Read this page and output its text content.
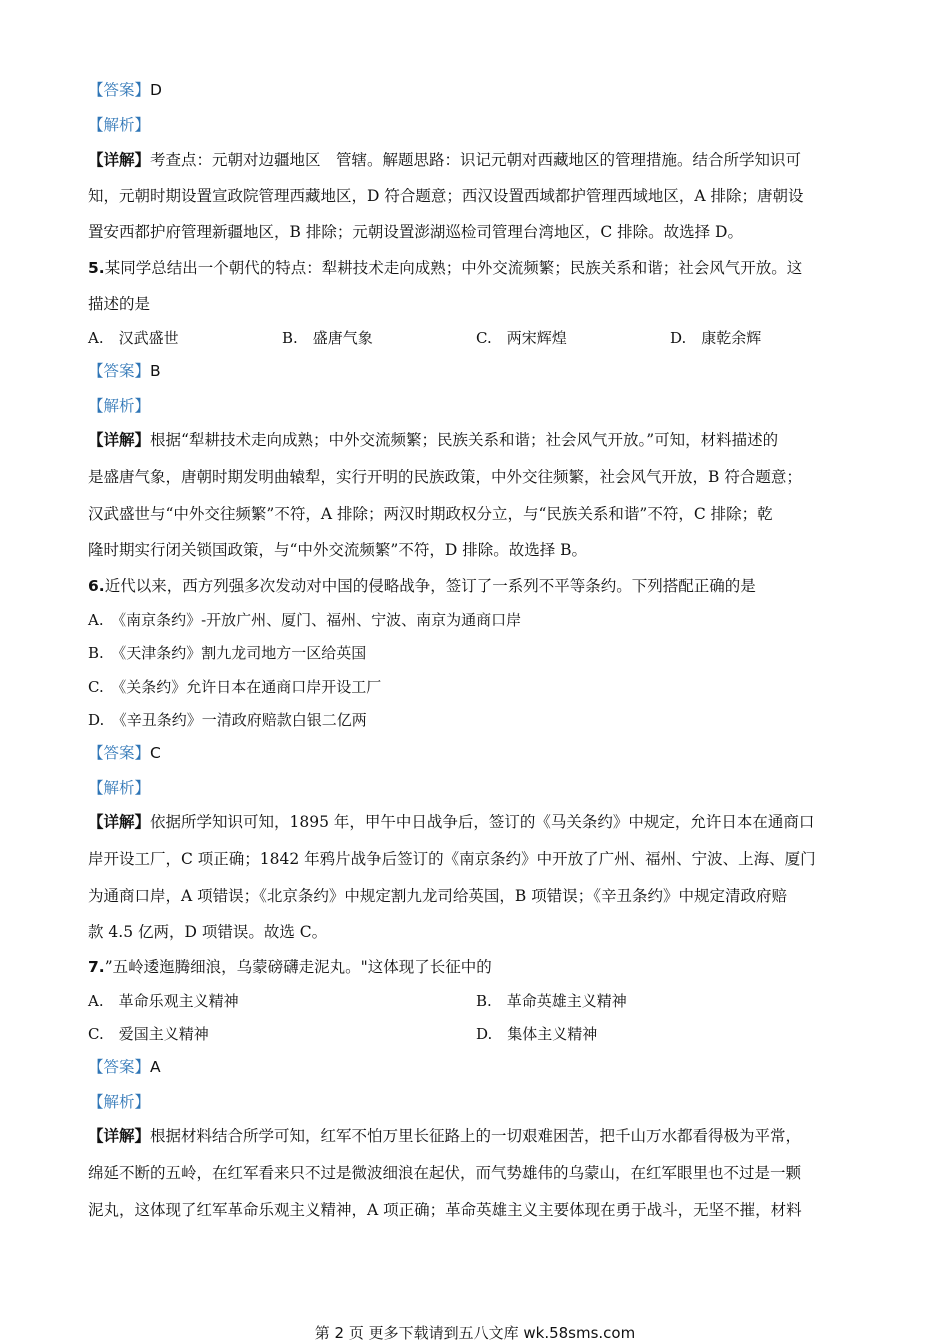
【答案】D
【解析】
【详解】考查点：元朝对边疆地区　管辖。解题思路：识记元朝对西藏地区的管理措施。结合所学知识可
知，元朝时期设置宣政院管理西藏地区，D 符合题意；西汉设置西域都护管理西域地区，A 排除；唐朝设
置安西都护府管理新疆地区，B 排除；元朝设置澎湖巡检司管理台湾地区，C 排除。故选择 D。
5.某同学总结出一个朝代的特点：犁耕技术走向成熟；中外交流频繁；民族关系和谐；社会风气开放。这
描述的是
A.　汉武盛世	B.　盛唐气象	C.　两宋辉煌	D.　康乾余辉
【答案】B
【解析】
【详解】根据“犁耕技术走向成熟；中外交流频繁；民族关系和谐；社会风气开放。”可知，材料描述的
是盛唐气象，唐朝时期发明曲辕犁，实行开明的民族政策，中外交往频繁，社会风气开放，B 符合题意；
汉武盛世与“中外交往频繁”不符，A 排除；两汉时期政权分立，与“民族关系和谐”不符，C 排除；乾
隆时期实行闭关锁国政策，与“中外交流频繁”不符，D 排除。故选择 B。
6.近代以来，西方列强多次发动对中国的侵略战争，签订了一系列不平等条约。下列搭配正确的是
A.　《南京条约》-开放广州、厦门、福州、宁波、南京为通商口岸
B.　《天津条约》割九龙司地方一区给英国
C.　《关条约》允许日本在通商口岸开设工厂
D.　《辛丑条约》一清政府赔款白银二亿两
【答案】C
【解析】
【详解】依据所学知识可知，1895 年，甲午中日战争后，签订的《马关条约》中规定，允许日本在通商口
岸开设工厂，C 项正确；1842 年鸦片战争后签订的《南京条约》中开放了广州、福州、宁波、上海、厦门
为通商口岸，A 项错误；《北京条约》中规定割九龙司给英国，B 项错误；《辛丑条约》中规定清政府赔
款 4.5 亿两，D 项错误。故选 C。
7.”五岭逶迤腾细浪，乌蒙磅礴走泥丸。"这体现了长征中的
A.　革命乐观主义精神	B.　革命英雄主义精神
C.　爱国主义精神	D.　集体主义精神
【答案】A
【解析】
【详解】根据材料结合所学可知，红军不怕万里长征路上的一切艰难困苦，把千山万水都看得极为平常，
绵延不断的五岭，在红军看来只不过是微波细浪在起伏，而气势雄伟的乌蒙山，在红军眼里也不过是一颗
泥丸，这体现了红军革命乐观主义精神，A 项正确；革命英雄主义主要体现在勇于战斗，无坚不摧，材料
第 2 页 更多下载请到五八文库 wk.58sms.com
